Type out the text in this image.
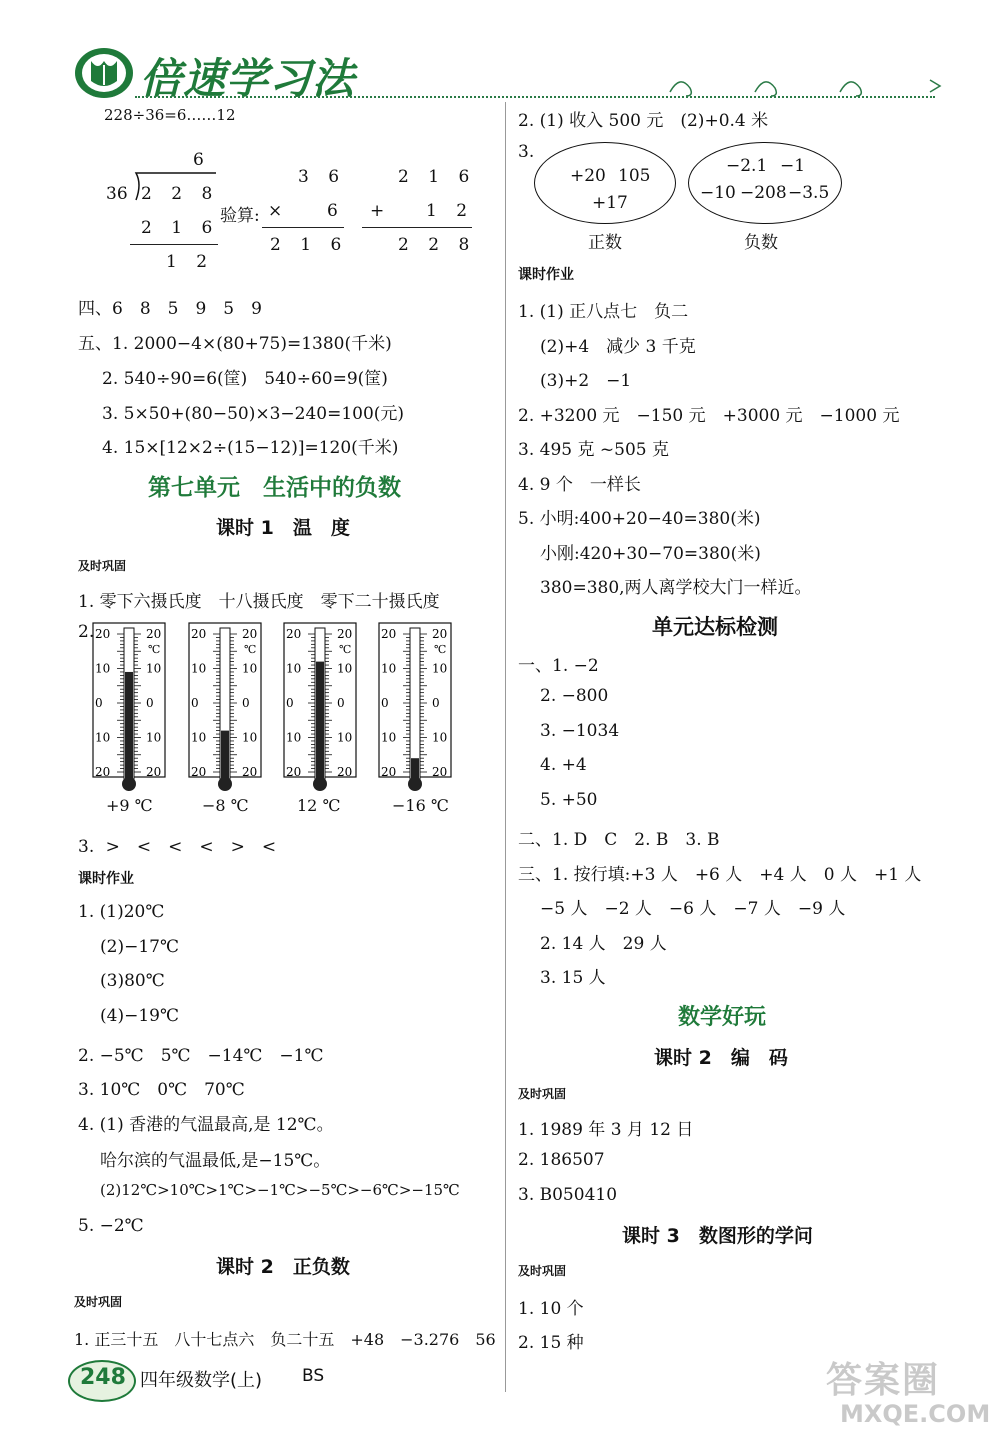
倍速学习法
228÷36=6……12
6
36 2 2 8
2 1 6
1 2
验算:
3 6
×	6
2 1 6
2 1 6
+ 1 2
2 2 8
四、6　8　5　9　5　9
五、1. 2000−4×(80+75)=1380(千米)
2. 540÷90=6(筐)　540÷60=9(筐)
3. 5×50+(80−50)×3−240=100(元)
4. 15×[12×2÷(15−12)]=120(千米)
第七单元　生活中的负数
课时 1　温　度
及时巩固
1. 零下六摄氏度　十八摄氏度　零下二十摄氏度
2. 20	20
10	10
0	0
10	10
20	20
℃
+9 ℃
20	20
10	10
0	0
10	10
20	20
℃
−8 ℃
20	20
10	10
0	0
10	10
20	20
℃
12 ℃
20	20
10	10
0	0
10	10
20	20
℃
−16 ℃
3. >　<　<　<　>　<
课时作业
1. (1)20℃
(2)−17℃
(3)80℃
(4)−19℃
2. −5℃　5℃　−14℃　−1℃
3. 10℃　0℃　70℃
4. (1) 香港的气温最高,是 12℃。
哈尔滨的气温最低,是−15℃。
(2)12℃>10℃>1℃>−1℃>−5℃>−6℃>−15℃
5. −2℃
课时 2　正负数
及时巩固
1. 正三十五　八十七点六　负二十五　+48　−3.276　56
2. (1) 收入 500 元　(2)+0.4 米
3.
+20 105
+17
正数
−2.1 −1
−10 −208 −3.5
负数
课时作业
1. (1) 正八点七　负二
(2)+4　减少 3 千克
(3)+2　−1
2. +3200 元　−150 元　+3000 元　−1000 元
3. 495 克 ~505 克
4. 9 个　一样长
5. 小明:400+20−40=380(米)
小刚:420+30−70=380(米)
380=380,两人离学校大门一样近。
单元达标检测
一、1. −2
2. −800
3. −1034
4. +4
5. +50
二、1. D　C　2. B　3. B
三、1. 按行填:+3 人　+6 人　+4 人　0 人　+1 人
−5 人　−2 人　−6 人　−7 人　−9 人
2. 14 人　29 人
3. 15 人
数学好玩
课时 2　编　码
及时巩固
1. 1989 年 3 月 12 日
2. 186507
3. B050410
课时 3　数图形的学问
及时巩固
1. 10 个
2. 15 种
248 四年级数学(上) BS	答案圈
MXQE.COM
